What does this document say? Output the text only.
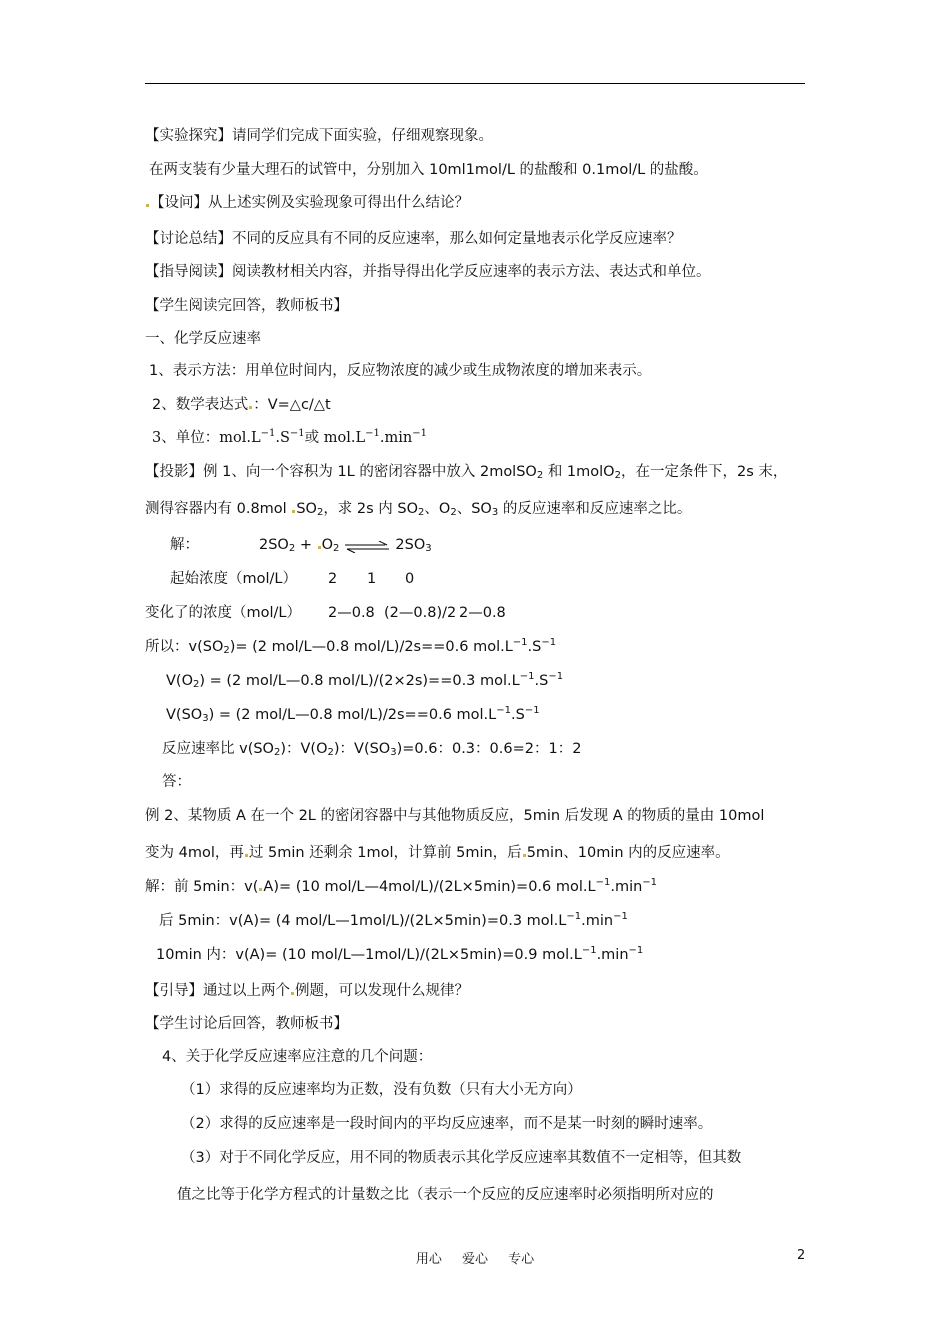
【实验探究】请同学们完成下面实验，仔细观察现象。
在两支装有少量大理石的试管中，分别加入 10ml1mol/L 的盐酸和 0.1mol/L 的盐酸。
【设问】从上述实例及实验现象可得出什么结论？
【讨论总结】不同的反应具有不同的反应速率，那么如何定量地表示化学反应速率？
【指导阅读】阅读教材相关内容，并指导得出化学反应速率的表示方法、表达式和单位。
【学生阅读完回答，教师板书】
一、化学反应速率
1、表示方法：用单位时间内，反应物浓度的减少或生成物浓度的增加来表示。
2、数学表达式 ：V=△c/△t
3、单位：$mol.L^{-1}.S^{-1}$或 $mol.L^{-1}.\min^{-1}$
【投影】例 1、向一个容积为 1L 的密闭容器中放入 2molSO$_2$ 和 1molO$_2$，在一定条件下，2s 末，
测得容器内有 0.8mol $SO_2$，求 2s 内 $SO_2$、$O_2$、$SO_3$ 的反应速率和反应速率之比。
解：	$2SO_2 + O_2$ ⇌ $2SO_3$
起始浓度（mol/L） 2 1 0
变化了的浓度（mol/L） 2—0.8 (2—0.8)/2 2—0.8
所以：$v(SO_2)= (2$ mol/L—0.8 mol/L)/2s==0.6 $mol.L^{-1}.S^{-1}$
$V(O_2) = (2$ mol/L—0.8 mol/L)/(2×2s)==0.3 $mol.L^{-1}.S^{-1}$
$V(SO_3) = (2$ mol/L—0.8 mol/L)/2s==0.6 $mol.L^{-1}.S^{-1}$
反应速率比 $v(SO_2)$：$V(O_2)$：$V(SO_3)=0.6$：0.3：0.6=2：1：2
答：
例 2、某物质 A 在一个 2L 的密闭容器中与其他物质反应，5min 后发现 A 的物质的量由 10mol
变为 4mol，再 过 5min 还剩余 1mol，计算前 5min，后 5min、10min 内的反应速率。
解：前 5min：v( A)= (10 mol/L—4mol/L)/(2L×5min)=0.6 $mol.L^{-1}.\min^{-1}$
后 5min：v(A)= (4 mol/L—1mol/L)/(2L×5min)=0.3 $mol.L^{-1}.\min^{-1}$
10min 内：v(A)= (10 mol/L—1mol/L)/(2L×5min)=0.9 $mol.L^{-1}.\min^{-1}$
【引导】通过以上两个 例题，可以发现什么规律？
【学生讨论后回答，教师板书】
4、关于化学反应速率应注意的几个问题：
（1）求得的反应速率均为正数，没有负数（只有大小无方向）
（2）求得的反应速率是一段时间内的平均反应速率，而不是某一时刻的瞬时速率。
（3）对于不同化学反应，用不同的物质表示其化学反应速率其数值不一定相等，但其数
值之比等于化学方程式的计量数之比（表示一个反应的反应速率时必须指明所对应的
用心 爱心 专心	2
